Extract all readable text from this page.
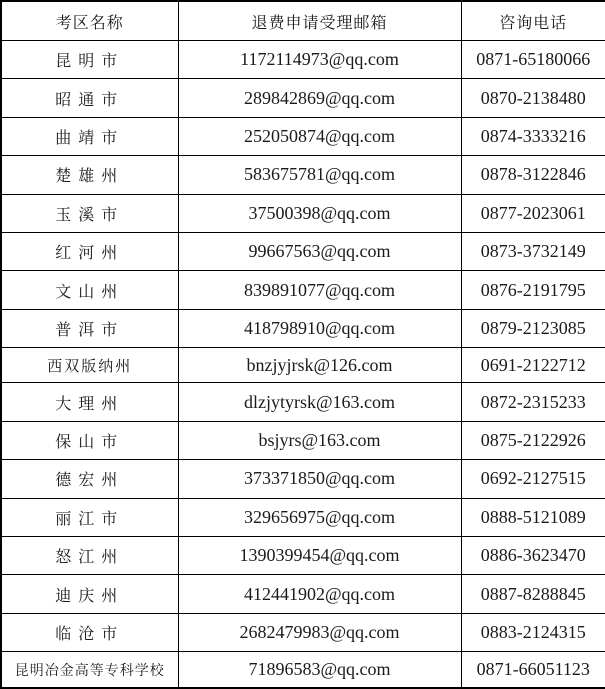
考区名称	退费申请受理邮箱	咨询电话
昆明市	1172114973@qq.com	0871-65180066
昭通市	289842869@qq.com	0870-2138480
曲靖市	252050874@qq.com	0874-3333216
楚雄州	583675781@qq.com	0878-3122846
玉溪市	37500398@qq.com	0877-2023061
红河州	99667563@qq.com	0873-3732149
文山州	839891077@qq.com	0876-2191795
普洱市	418798910@qq.com	0879-2123085
西双版纳州	bnzjyjrsk@126.com	0691-2122712
大理州	dlzjytyrsk@163.com	0872-2315233
保山市	bsjyrs@163.com	0875-2122926
德宏州	373371850@qq.com	0692-2127515
丽江市	329656975@qq.com	0888-5121089
怒江州	1390399454@qq.com	0886-3623470
迪庆州	412441902@qq.com	0887-8288845
临沧市	2682479983@qq.com	0883-2124315
昆明冶金高等专科学校	71896583@qq.com	0871-66051123
